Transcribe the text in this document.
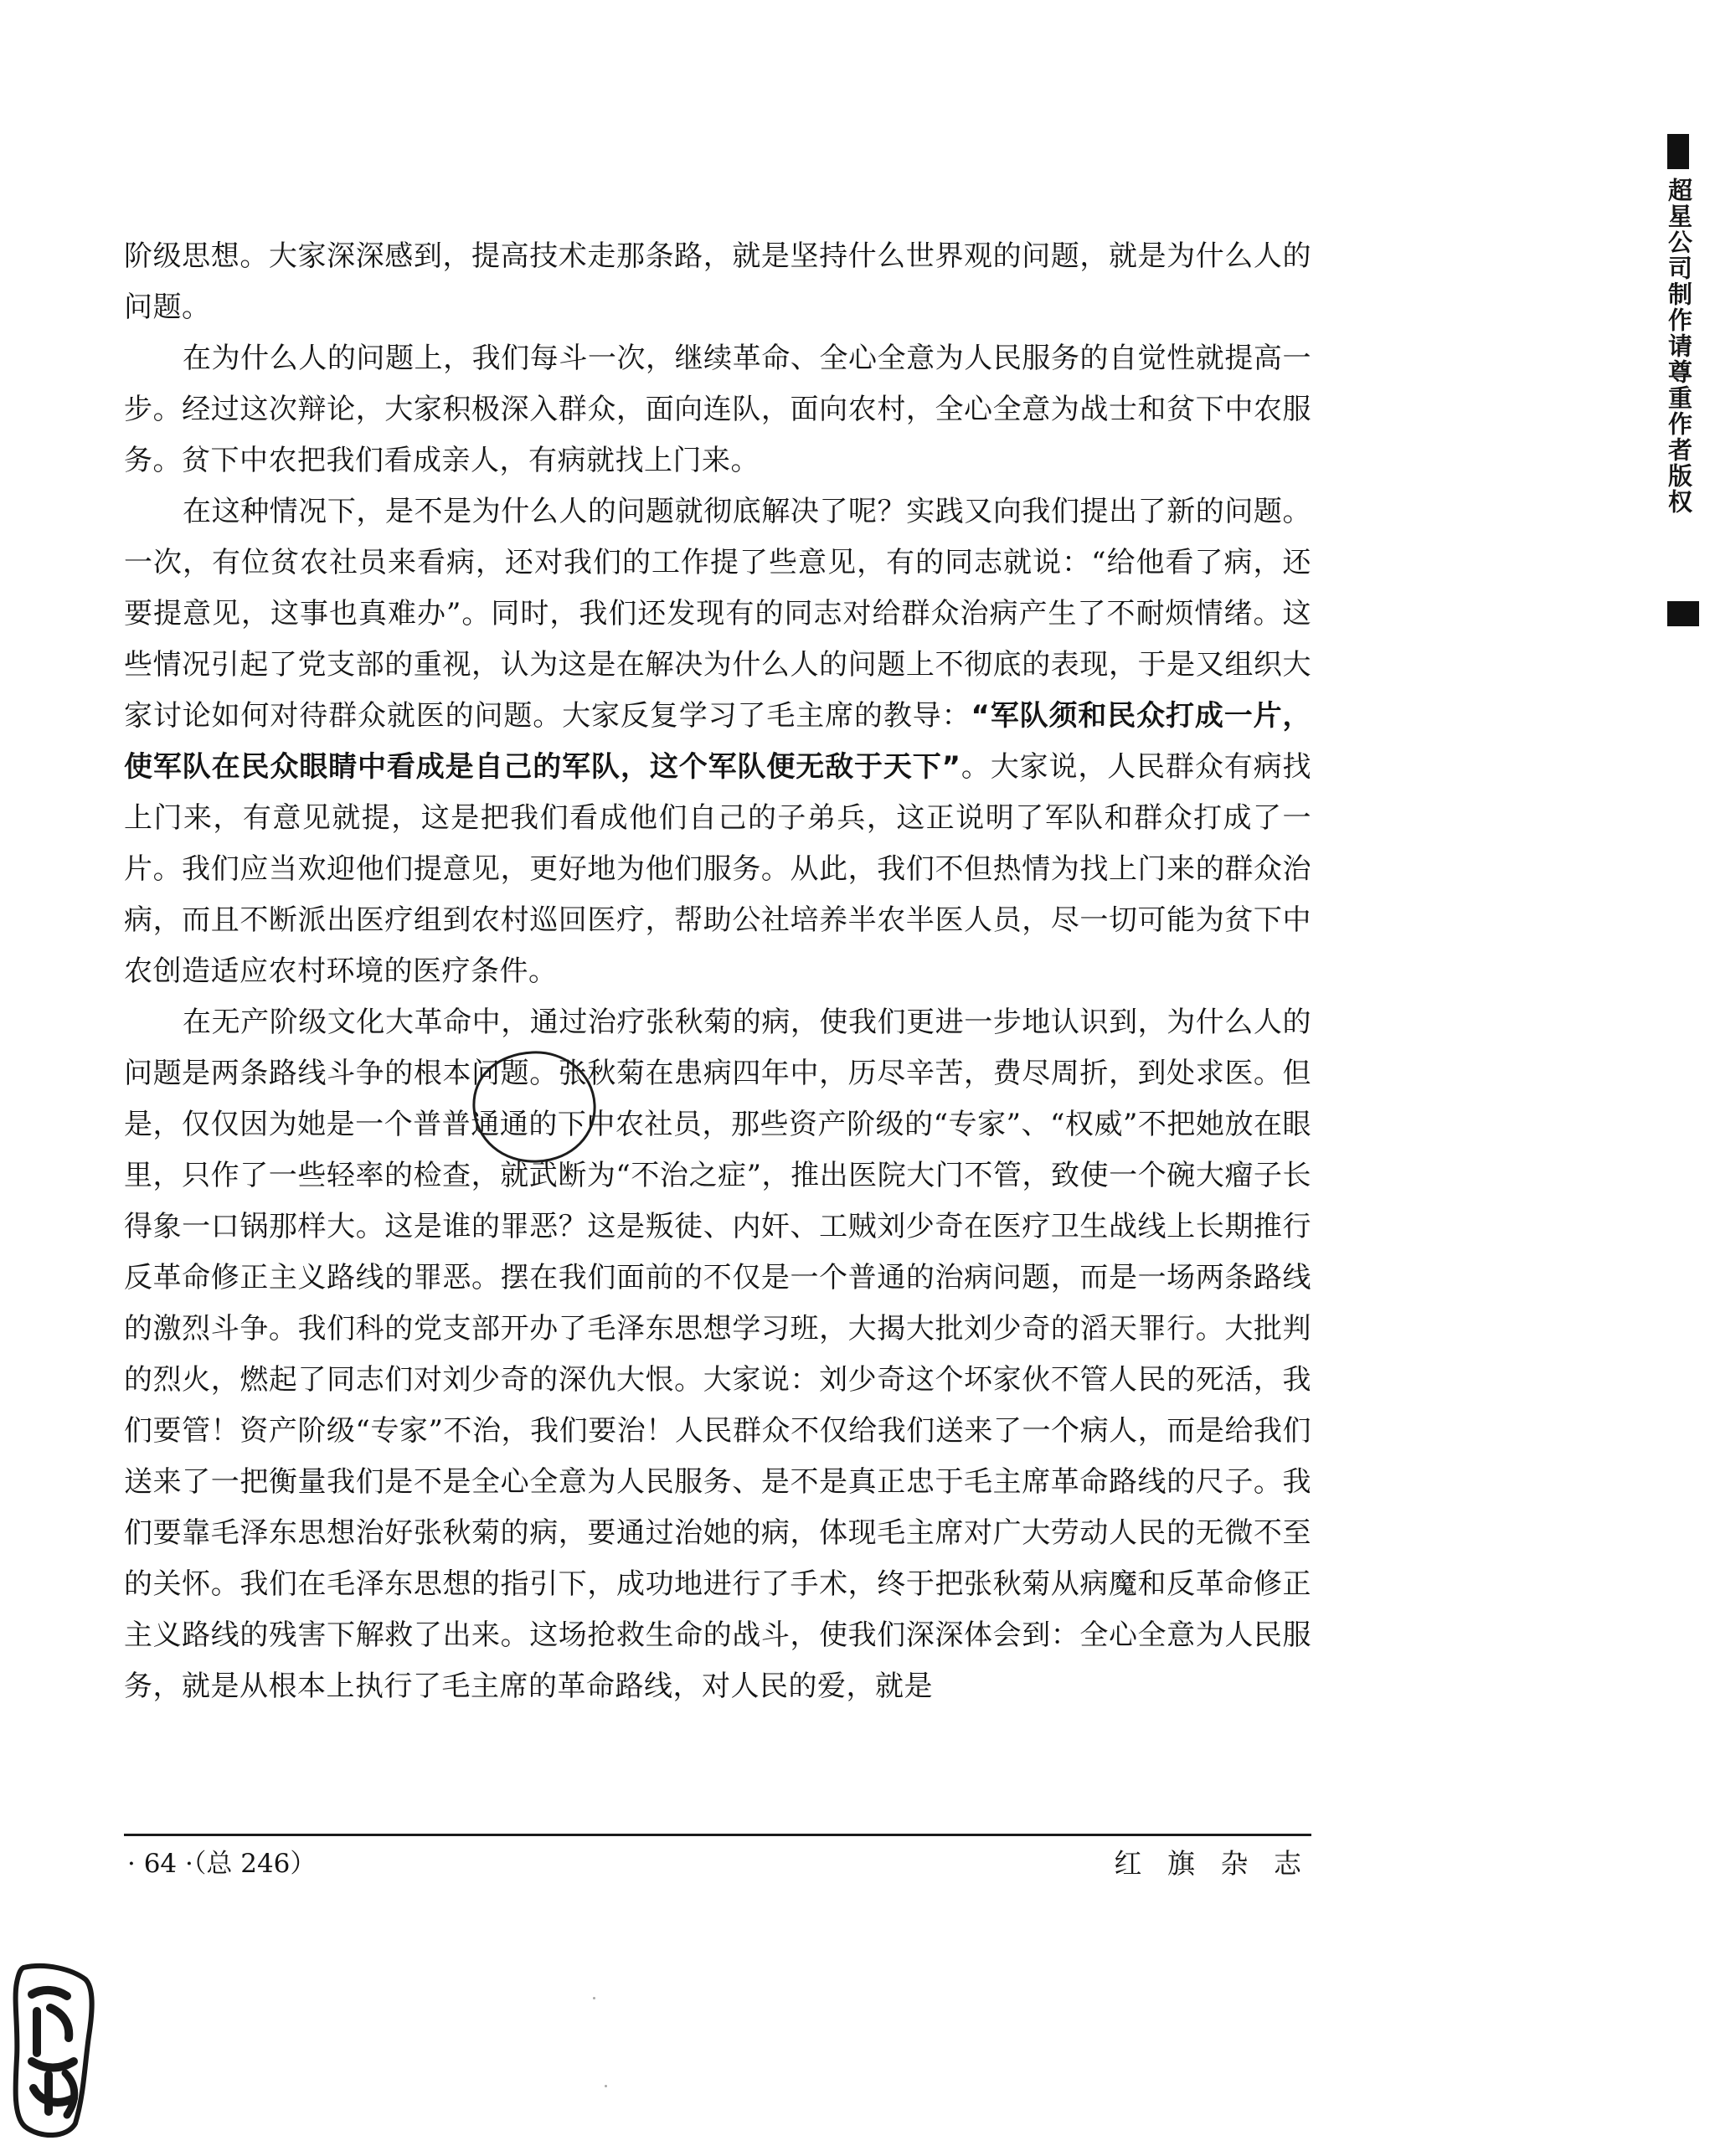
超星公司制作请尊重作者版权

阶级思想。大家深深感到，提高技术走那条路，就是坚持什么世界观的问题，就是为什么人的问题。

在为什么人的问题上，我们每斗一次，继续革命、全心全意为人民服务的自觉性就提高一步。经过这次辩论，大家积极深入群众，面向连队，面向农村，全心全意为战士和贫下中农服务。贫下中农把我们看成亲人，有病就找上门来。

在这种情况下，是不是为什么人的问题就彻底解决了呢？实践又向我们提出了新的问题。一次，有位贫农社员来看病，还对我们的工作提了些意见，有的同志就说：“给他看了病，还要提意见，这事也真难办”。同时，我们还发现有的同志对给群众治病产生了不耐烦情绪。这些情况引起了党支部的重视，认为这是在解决为什么人的问题上不彻底的表现，于是又组织大家讨论如何对待群众就医的问题。大家反复学习了毛主席的教导：“军队须和民众打成一片，使军队在民众眼睛中看成是自己的军队，这个军队便无敌于天下”。大家说，人民群众有病找上门来，有意见就提，这是把我们看成他们自己的子弟兵，这正说明了军队和群众打成了一片。我们应当欢迎他们提意见，更好地为他们服务。从此，我们不但热情为找上门来的群众治病，而且不断派出医疗组到农村巡回医疗，帮助公社培养半农半医人员，尽一切可能为贫下中农创造适应农村环境的医疗条件。

在无产阶级文化大革命中，通过治疗张秋菊的病，使我们更进一步地认识到，为什么人的问题是两条路线斗争的根本问题。张秋菊在患病四年中，历尽辛苦，费尽周折，到处求医。但是，仅仅因为她是一个普普通通的下中农社员，那些资产阶级的“专家”、“权威”不把她放在眼里，只作了一些轻率的检查，就武断为“不治之症”，推出医院大门不管，致使一个碗大瘤子长得象一口锅那样大。这是谁的罪恶？这是叛徒、内奸、工贼刘少奇在医疗卫生战线上长期推行反革命修正主义路线的罪恶。摆在我们面前的不仅是一个普通的治病问题，而是一场两条路线的激烈斗争。我们科的党支部开办了毛泽东思想学习班，大揭大批刘少奇的滔天罪行。大批判的烈火，燃起了同志们对刘少奇的深仇大恨。大家说：刘少奇这个坏家伙不管人民的死活，我们要管！资产阶级“专家”不治，我们要治！人民群众不仅给我们送来了一个病人，而是给我们送来了一把衡量我们是不是全心全意为人民服务、是不是真正忠于毛主席革命路线的尺子。我们要靠毛泽东思想治好张秋菊的病，要通过治她的病，体现毛主席对广大劳动人民的无微不至的关怀。我们在毛泽东思想的指引下，成功地进行了手术，终于把张秋菊从病魔和反革命修正主义路线的残害下解救了出来。这场抢救生命的战斗，使我们深深体会到：全心全意为人民服务，就是从根本上执行了毛主席的革命路线，对人民的爱，就是

· 64 ·（总 246）	红 旗 杂 志
